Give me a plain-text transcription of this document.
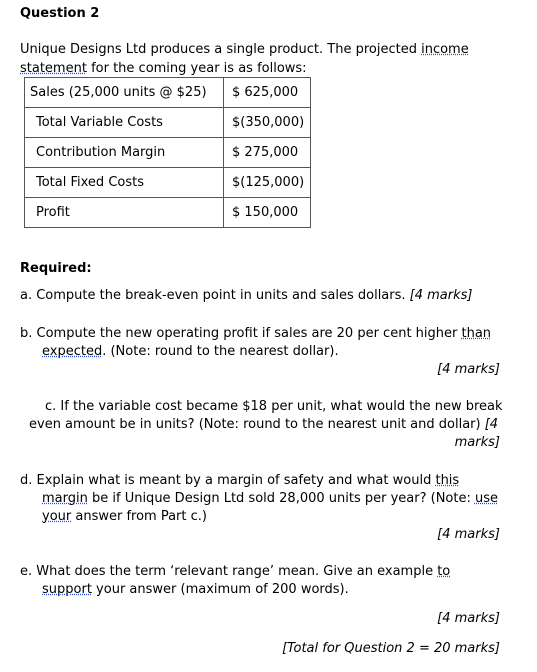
Question 2
Unique Designs Ltd produces a single product. The projected income
statement for the coming year is as follows:
Sales (25,000 units @ $25)	$ 625,000
Total Variable Costs	$(350,000)
Contribution Margin	$ 275,000
Total Fixed Costs	$(125,000)
Profit	$ 150,000
Required:
a. Compute the break-even point in units and sales dollars. [4 marks]
b. Compute the new operating profit if sales are 20 per cent higher than
expected. (Note: round to the nearest dollar).
[4 marks]
c. If the variable cost became $18 per unit, what would the new break
even amount be in units? (Note: round to the nearest unit and dollar) [4
marks]
d. Explain what is meant by a margin of safety and what would this
margin be if Unique Design Ltd sold 28,000 units per year? (Note: use
your answer from Part c.)
[4 marks]
e. What does the term ‘relevant range’ mean. Give an example to
support your answer (maximum of 200 words).
[4 marks]
[Total for Question 2 = 20 marks]
